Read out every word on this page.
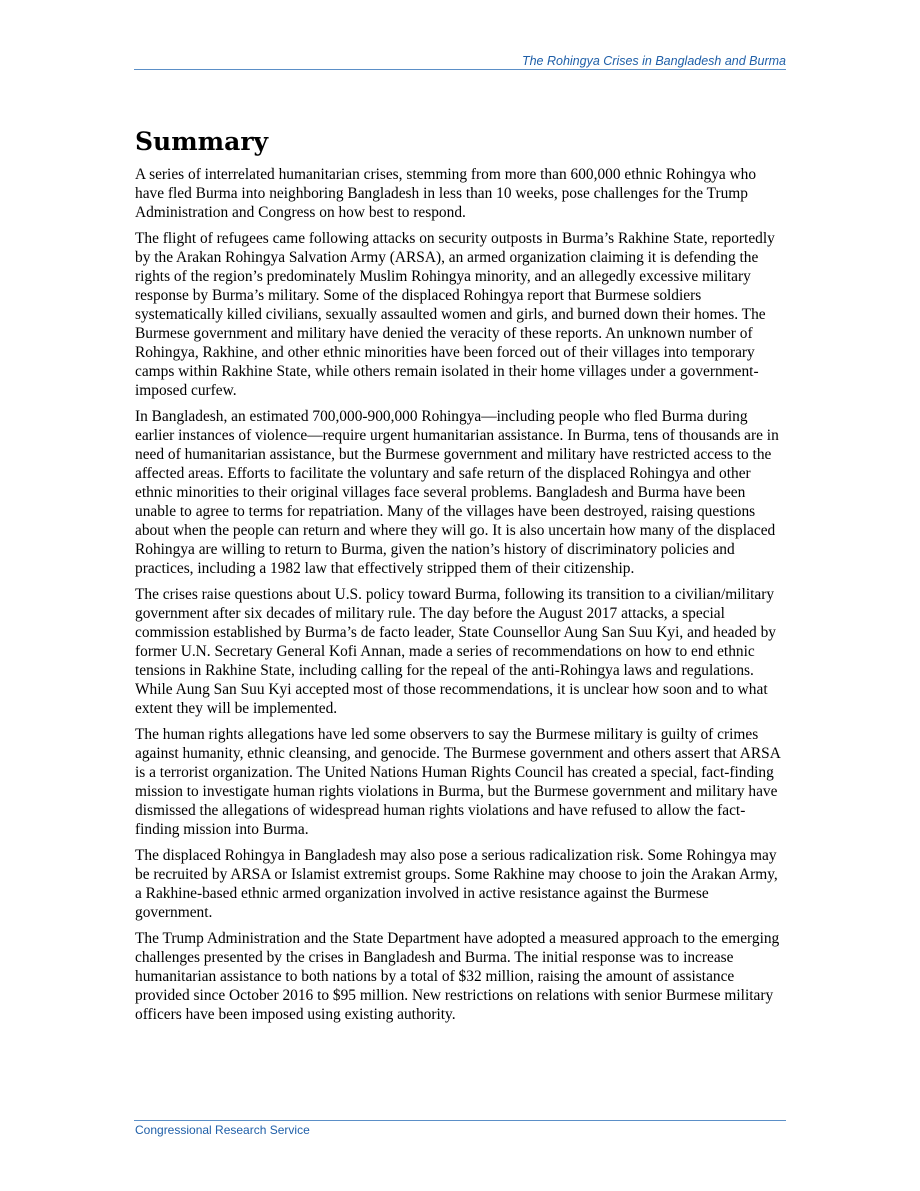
The Rohingya Crises in Bangladesh and Burma
Summary

A series of interrelated humanitarian crises, stemming from more than 600,000 ethnic Rohingya who have fled Burma into neighboring Bangladesh in less than 10 weeks, pose challenges for the Trump Administration and Congress on how best to respond.

The flight of refugees came following attacks on security outposts in Burma’s Rakhine State, reportedly by the Arakan Rohingya Salvation Army (ARSA), an armed organization claiming it is defending the rights of the region’s predominately Muslim Rohingya minority, and an allegedly excessive military response by Burma’s military. Some of the displaced Rohingya report that Burmese soldiers systematically killed civilians, sexually assaulted women and girls, and burned down their homes. The Burmese government and military have denied the veracity of these reports. An unknown number of Rohingya, Rakhine, and other ethnic minorities have been forced out of their villages into temporary camps within Rakhine State, while others remain isolated in their home villages under a government-imposed curfew.

In Bangladesh, an estimated 700,000-900,000 Rohingya—including people who fled Burma during earlier instances of violence—require urgent humanitarian assistance. In Burma, tens of thousands are in need of humanitarian assistance, but the Burmese government and military have restricted access to the affected areas. Efforts to facilitate the voluntary and safe return of the displaced Rohingya and other ethnic minorities to their original villages face several problems. Bangladesh and Burma have been unable to agree to terms for repatriation. Many of the villages have been destroyed, raising questions about when the people can return and where they will go. It is also uncertain how many of the displaced Rohingya are willing to return to Burma, given the nation’s history of discriminatory policies and practices, including a 1982 law that effectively stripped them of their citizenship.

The crises raise questions about U.S. policy toward Burma, following its transition to a civilian/military government after six decades of military rule. The day before the August 2017 attacks, a special commission established by Burma’s de facto leader, State Counsellor Aung San Suu Kyi, and headed by former U.N. Secretary General Kofi Annan, made a series of recommendations on how to end ethnic tensions in Rakhine State, including calling for the repeal of the anti-Rohingya laws and regulations. While Aung San Suu Kyi accepted most of those recommendations, it is unclear how soon and to what extent they will be implemented.

The human rights allegations have led some observers to say the Burmese military is guilty of crimes against humanity, ethnic cleansing, and genocide. The Burmese government and others assert that ARSA is a terrorist organization. The United Nations Human Rights Council has created a special, fact-finding mission to investigate human rights violations in Burma, but the Burmese government and military have dismissed the allegations of widespread human rights violations and have refused to allow the fact-finding mission into Burma.

The displaced Rohingya in Bangladesh may also pose a serious radicalization risk. Some Rohingya may be recruited by ARSA or Islamist extremist groups. Some Rakhine may choose to join the Arakan Army, a Rakhine-based ethnic armed organization involved in active resistance against the Burmese government.

The Trump Administration and the State Department have adopted a measured approach to the emerging challenges presented by the crises in Bangladesh and Burma. The initial response was to increase humanitarian assistance to both nations by a total of $32 million, raising the amount of assistance provided since October 2016 to $95 million. New restrictions on relations with senior Burmese military officers have been imposed using existing authority.

Congressional Research Service
